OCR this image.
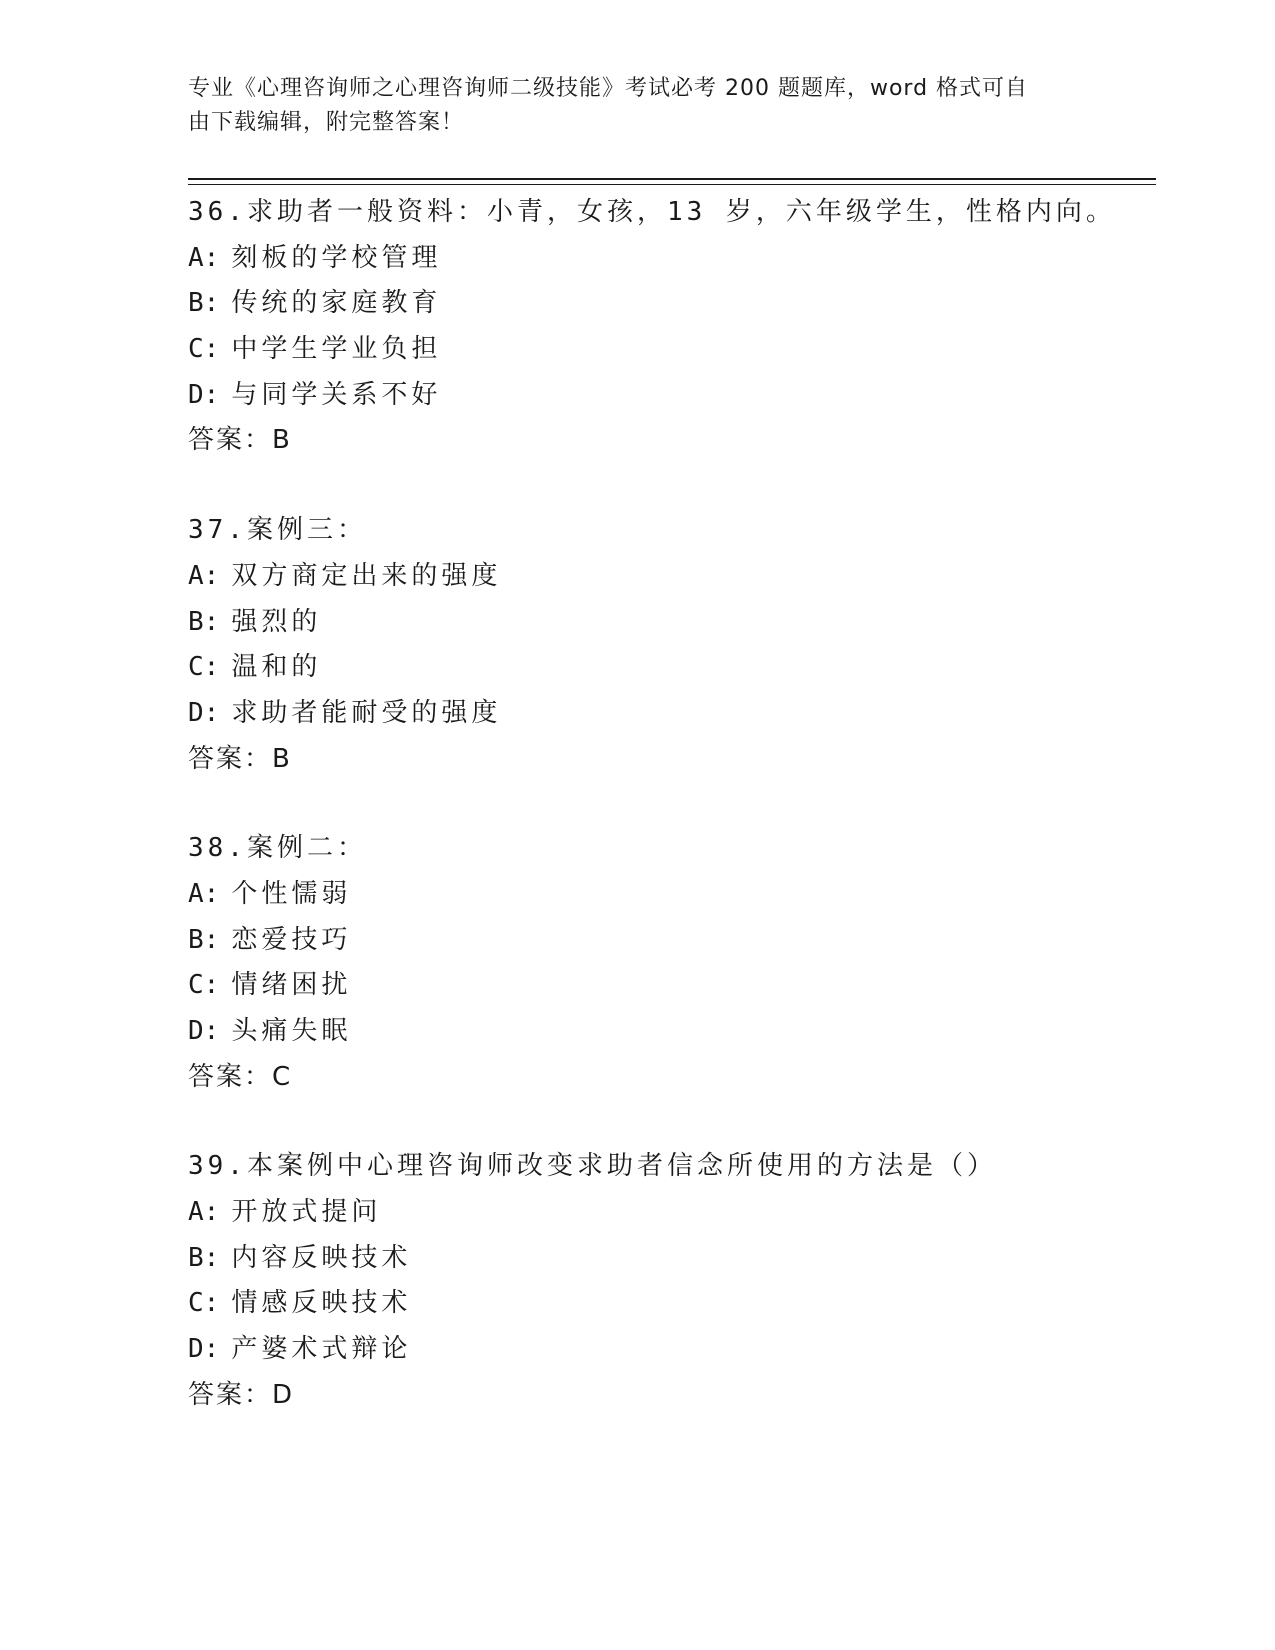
专业《心理咨询师之心理咨询师二级技能》考试必考 200 题题库，word 格式可自
由下载编辑，附完整答案！
36.求助者一般资料：小青，女孩，13 岁，六年级学生，性格内向。
A: 刻板的学校管理
B: 传统的家庭教育
C: 中学生学业负担
D: 与同学关系不好
答案：B
37.案例三：
A: 双方商定出来的强度
B: 强烈的
C: 温和的
D: 求助者能耐受的强度
答案：B
38.案例二：
A: 个性懦弱
B: 恋爱技巧
C: 情绪困扰
D: 头痛失眠
答案：C
39.本案例中心理咨询师改变求助者信念所使用的方法是（）
A: 开放式提问
B: 内容反映技术
C: 情感反映技术
D: 产婆术式辩论
答案：D
